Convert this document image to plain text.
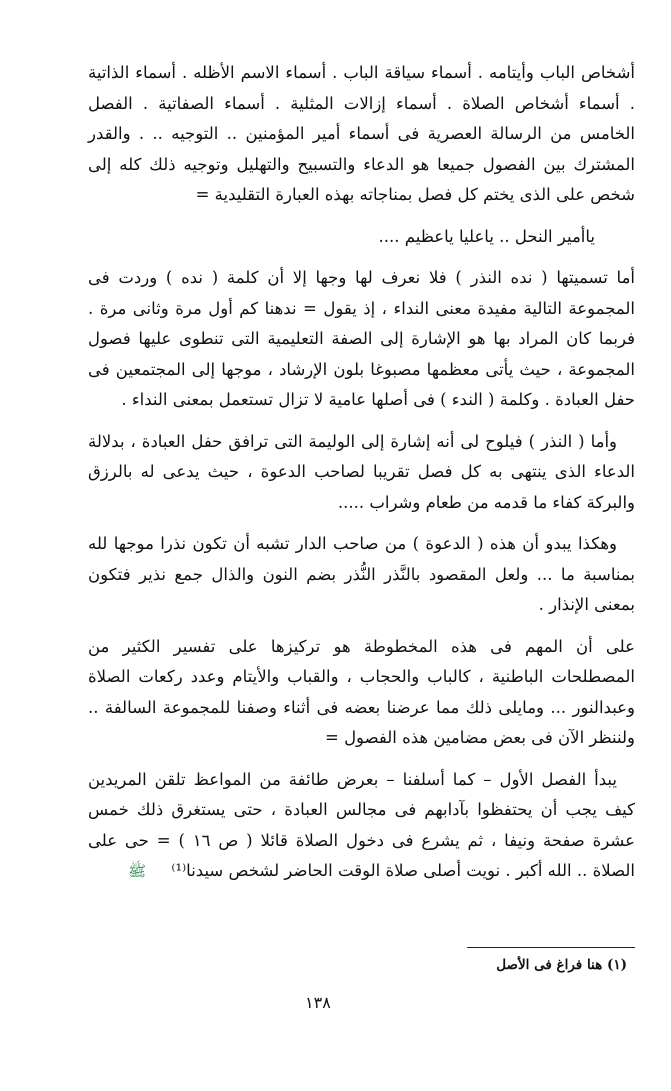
أشخاص الباب وأيتامه . أسماء سياقة الباب . أسماء الاسم الأظله . أسماء الذاتية . أسماء أشخاص الصلاة . أسماء إزالات المثلية . أسماء الصفاتية . الفصل الخامس من الرسالة العصرية فى أسماء أمير المؤمنين .. التوجيه .. . والقدر المشترك بين الفصول جميعا هو الدعاء والتسبيح والتهليل وتوجيه ذلك كله إلى شخص على الذى يختم كل فصل بمناجاته بهذه العبارة التقليدية =

ياأمير النحل .. ياعليا ياعظيم ....

أما تسميتها ( نده النذر ) فلا نعرف لها وجها إلا أن كلمة ( نده ) وردت فى المجموعة التالية مفيدة معنى النداء ، إذ يقول = ندهنا كم أول مرة وثانى مرة . فربما كان المراد بها هو الإشارة إلى الصفة التعليمية التى تنطوى عليها فصول المجموعة ، حيث يأتى معظمها مصبوغا بلون الإرشاد ، موجها إلى المجتمعين فى حفل العبادة . وكلمة ( الندء ) فى أصلها عامية لا تزال تستعمل بمعنى النداء .

وأما ( النذر ) فيلوح لى أنه إشارة إلى الوليمة التى ترافق حفل العبادة ، بدلالة الدعاء الذى ينتهى به كل فصل تقريبا لصاحب الدعوة ، حيث يدعى له بالرزق والبركة كفاء ما قدمه من طعام وشراب .....

وهكذا يبدو أن هذه ( الدعوة ) من صاحب الدار تشبه أن تكون نذرا موجها لله بمناسبة ما ... ولعل المقصود بالنَّذر النُّذر بضم النون والذال جمع نذير فتكون بمعنى الإنذار .

على أن المهم فى هذه المخطوطة هو تركيزها على تفسير الكثير من المصطلحات الباطنية ، كالباب والحجاب ، والقباب والأيتام وعدد ركعات الصلاة وعبدالنور ... ومايلى ذلك مما عرضنا بعضه فى أثناء وصفنا للمجموعة السالفة .. ولننظر الآن فى بعض مضامين هذه الفصول =

يبدأ الفصل الأول – كما أسلفنا – بعرض طائفة من المواعظ تلقن المريدين كيف يجب أن يحتفظوا بآدابهم فى مجالس العبادة ، حتى يستغرق ذلك خمس عشرة صفحة ونيفا ، ثم يشرع فى دخول الصلاة قائلا ( ص ١٦ ) = حى على الصلاة .. الله أكبر . نويت أصلى صلاة الوقت الحاضر لشخص سيدنا⁽¹⁾ ﷺ

(١) هنا فراغ فى الأصل
١٣٨
